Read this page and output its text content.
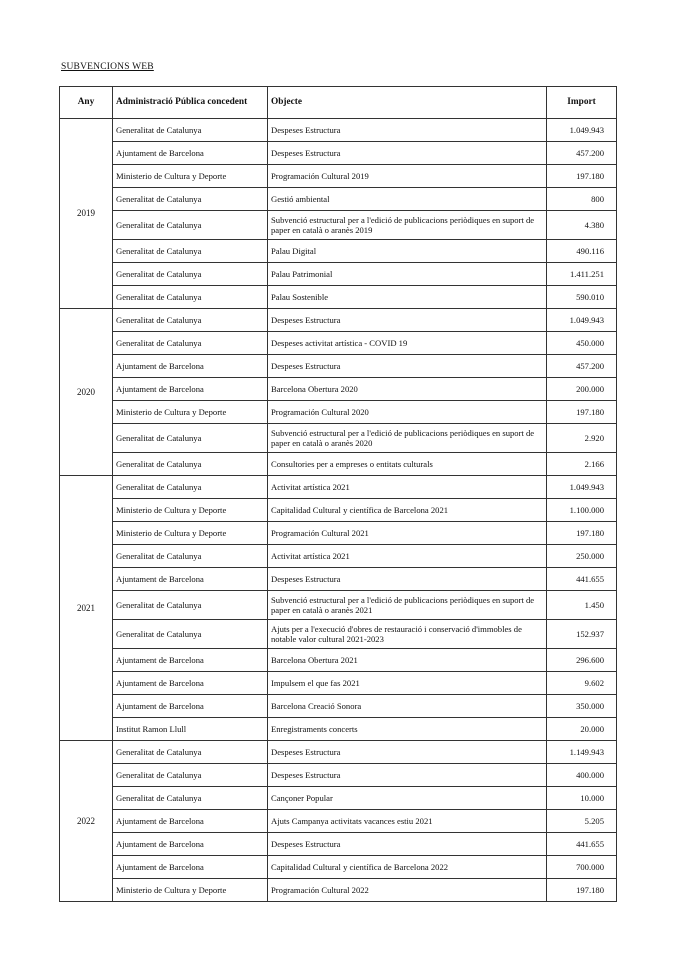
SUBVENCIONS WEB
Any	Administració Pública concedent	Objecte	Import
2019	Generalitat de Catalunya	Despeses Estructura	1.049.943
	Ajuntament de Barcelona	Despeses Estructura	457.200
	Ministerio de Cultura y Deporte	Programación Cultural 2019	197.180
	Generalitat de Catalunya	Gestió ambiental	800
	Generalitat de Catalunya	Subvenció estructural per a l'edició de publicacions periòdiques en suport de paper en català o aranès 2019	4.380
	Generalitat de Catalunya	Palau Digital	490.116
	Generalitat de Catalunya	Palau Patrimonial	1.411.251
	Generalitat de Catalunya	Palau Sostenible	590.010
2020	Generalitat de Catalunya	Despeses Estructura	1.049.943
	Generalitat de Catalunya	Despeses activitat artística - COVID 19	450.000
	Ajuntament de Barcelona	Despeses Estructura	457.200
	Ajuntament de Barcelona	Barcelona Obertura 2020	200.000
	Ministerio de Cultura y Deporte	Programación Cultural 2020	197.180
	Generalitat de Catalunya	Subvenció estructural per a l'edició de publicacions periòdiques en suport de paper en català o aranès 2020	2.920
	Generalitat de Catalunya	Consultories per a empreses o entitats culturals	2.166
2021	Generalitat de Catalunya	Activitat artística 2021	1.049.943
	Ministerio de Cultura y Deporte	Capitalidad Cultural y científica de Barcelona 2021	1.100.000
	Ministerio de Cultura y Deporte	Programación Cultural 2021	197.180
	Generalitat de Catalunya	Activitat artística 2021	250.000
	Ajuntament de Barcelona	Despeses Estructura	441.655
	Generalitat de Catalunya	Subvenció estructural per a l'edició de publicacions periòdiques en suport de paper en català o aranès 2021	1.450
	Generalitat de Catalunya	Ajuts per a l'execució d'obres de restauració i conservació d'immobles de notable valor cultural 2021-2023	152.937
	Ajuntament de Barcelona	Barcelona Obertura 2021	296.600
	Ajuntament de Barcelona	Impulsem el que fas 2021	9.602
	Ajuntament de Barcelona	Barcelona Creació Sonora	350.000
	Institut Ramon Llull	Enregistraments concerts	20.000
2022	Generalitat de Catalunya	Despeses Estructura	1.149.943
	Generalitat de Catalunya	Despeses Estructura	400.000
	Generalitat de Catalunya	Cançoner Popular	10.000
	Ajuntament de Barcelona	Ajuts Campanya activitats vacances estiu 2021	5.205
	Ajuntament de Barcelona	Despeses Estructura	441.655
	Ajuntament de Barcelona	Capitalidad Cultural y científica de Barcelona 2022	700.000
	Ministerio de Cultura y Deporte	Programación Cultural 2022	197.180
